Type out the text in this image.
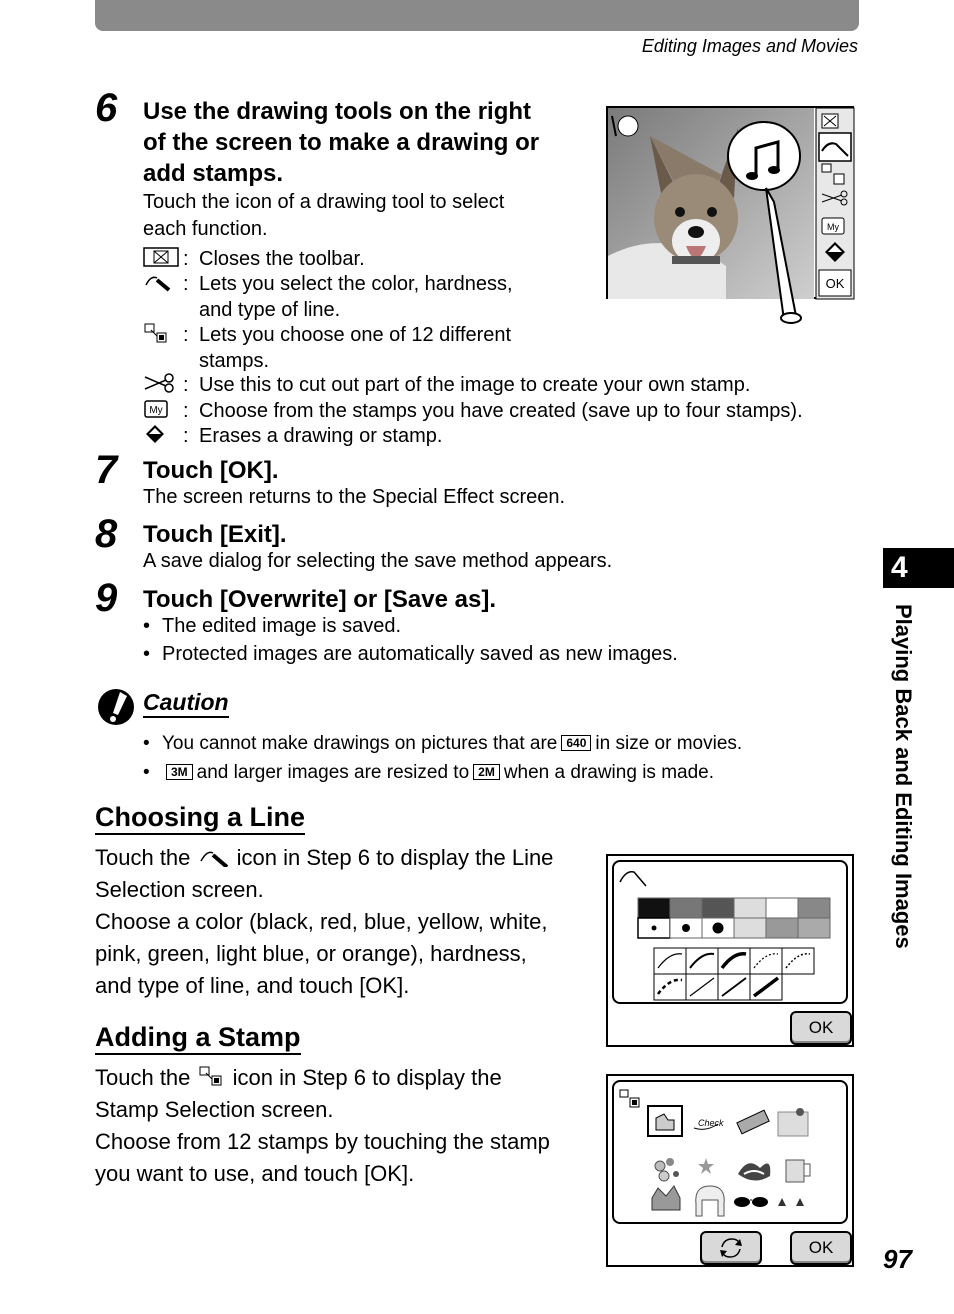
Editing Images and Movies
6 Use the drawing tools on the right
of the screen to make a drawing or
add stamps.
Touch the icon of a drawing tool to select
each function.
: Closes the toolbar.
: Lets you select the color, hardness,
and type of line.
: Lets you choose one of 12 different
stamps.
: Use this to cut out part of the image to create your own stamp.
My : Choose from the stamps you have created (save up to four stamps).
: Erases a drawing or stamp.
My
OK
7 Touch [OK].
The screen returns to the Special Effect screen.
8 Touch [Exit].
A save dialog for selecting the save method appears.
9 Touch [Overwrite] or [Save as].
• The edited image is saved.
• Protected images are automatically saved as new images.
Caution
• You cannot make drawings on pictures that are 640 in size or movies.
• 3M and larger images are resized to 2M when a drawing is made.
Choosing a Line
Touch the icon in Step 6 to display the Line
Selection screen.
Choose a color (black, red, blue, yellow, white,
pink, green, light blue, or orange), hardness,
and type of line, and touch [OK].
OK
Adding a Stamp
Touch the icon in Step 6 to display the
Stamp Selection screen.
Choose from 12 stamps by touching the stamp
you want to use, and touch [OK].
Check
OK
4
Playing Back and Editing Images
97
